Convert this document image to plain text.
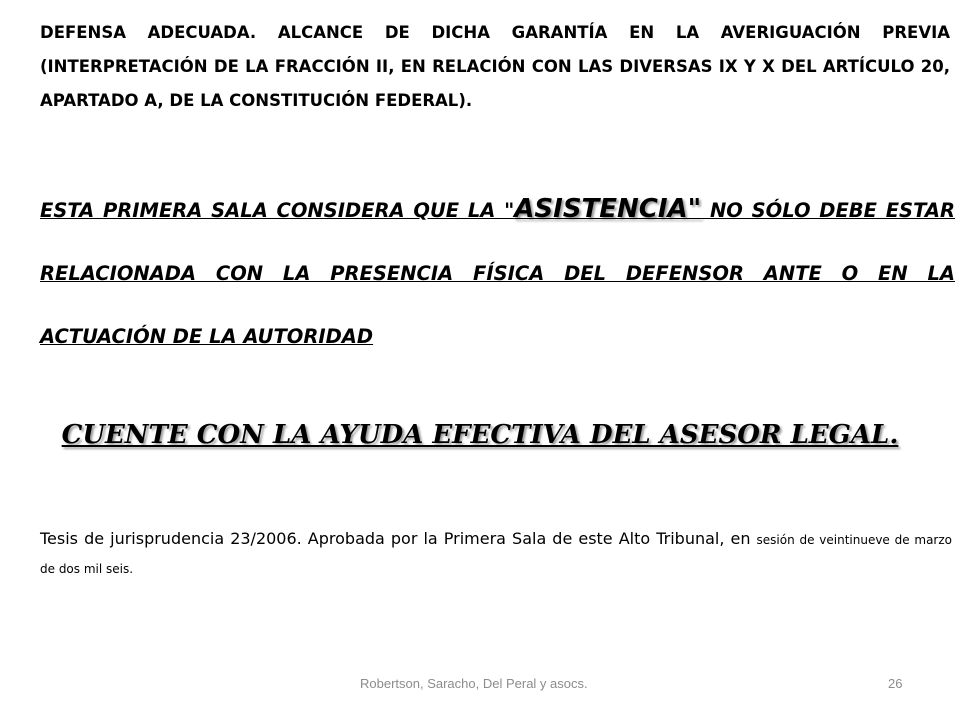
DEFENSA ADECUADA. ALCANCE DE DICHA GARANTÍA EN LA AVERIGUACIÓN PREVIA (INTERPRETACIÓN DE LA FRACCIÓN II, EN RELACIÓN CON LAS DIVERSAS IX Y X DEL ARTÍCULO 20, APARTADO A, DE LA CONSTITUCIÓN FEDERAL).
ESTA PRIMERA SALA CONSIDERA QUE LA "ASISTENCIA" NO SÓLO DEBE ESTAR RELACIONADA CON LA PRESENCIA FÍSICA DEL DEFENSOR ANTE O EN LA ACTUACIÓN DE LA AUTORIDAD
CUENTE CON LA AYUDA EFECTIVA DEL ASESOR LEGAL.
Tesis de jurisprudencia 23/2006. Aprobada por la Primera Sala de este Alto Tribunal, en sesión de veintinueve de marzo de dos mil seis.
Robertson, Saracho, Del Peral y asocs.	26
